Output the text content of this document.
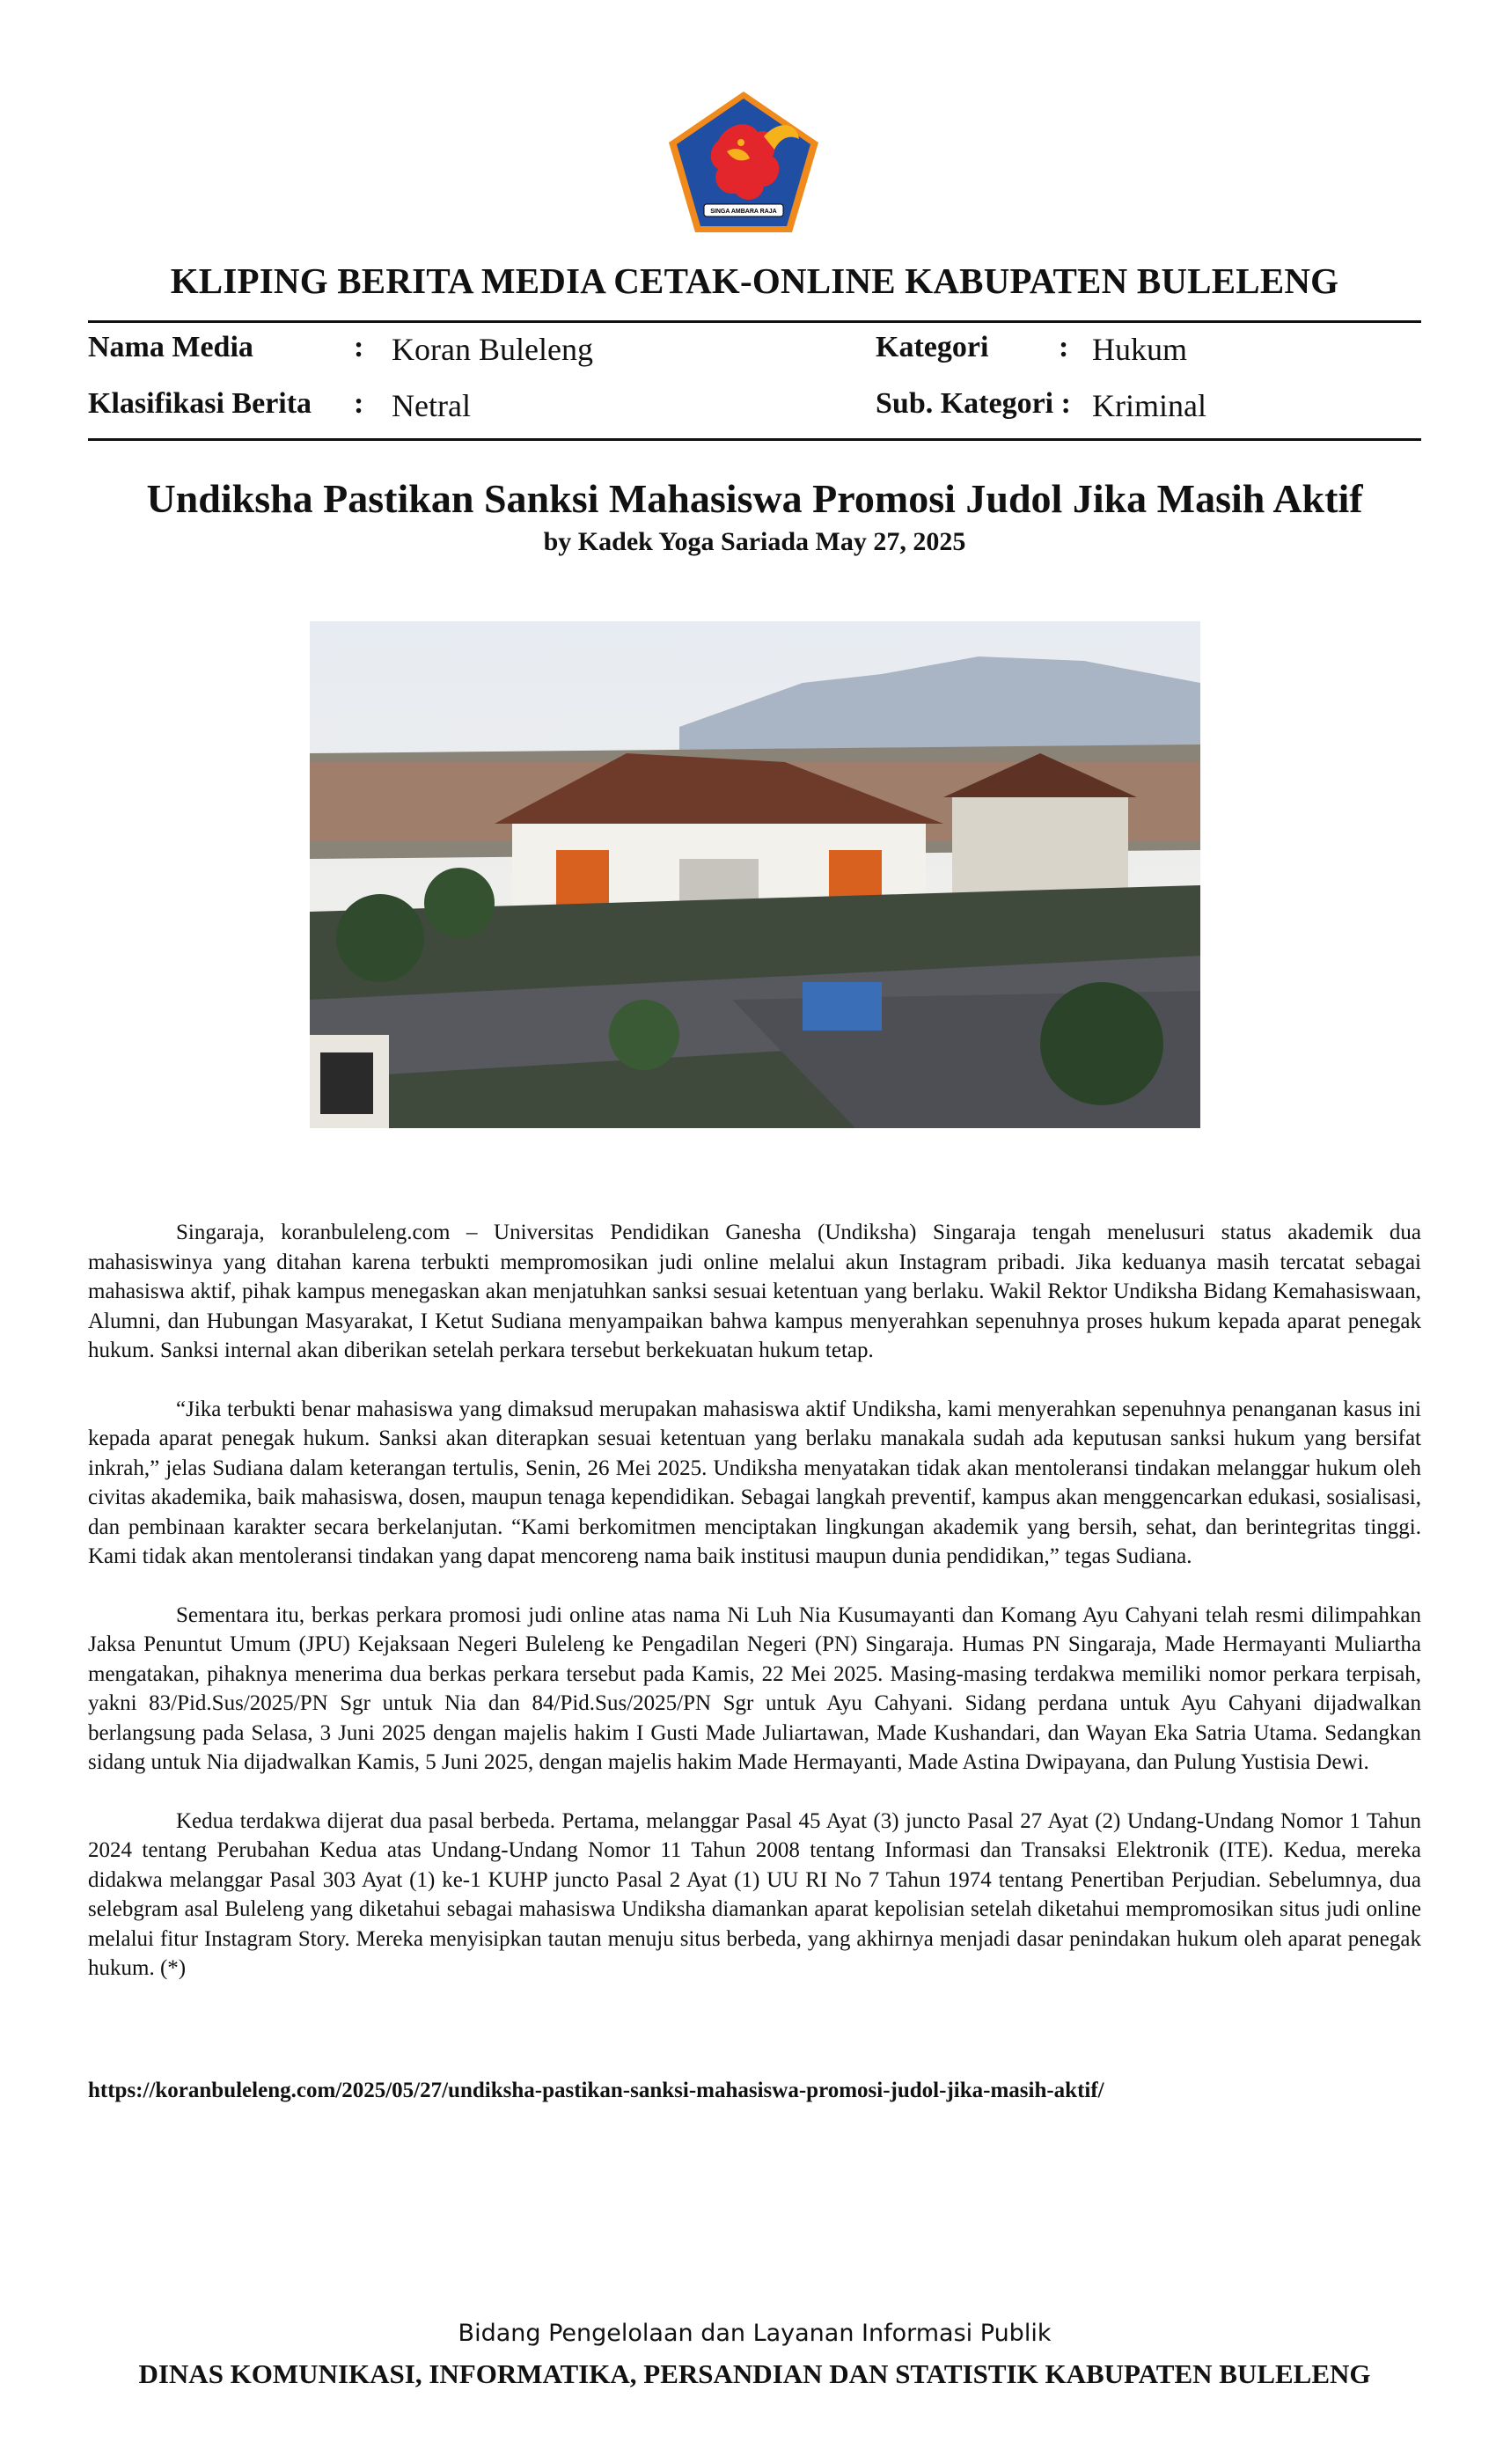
SINGA AMBARA RAJA
KLIPING BERITA MEDIA CETAK-ONLINE KABUPATEN BULELENG
Nama Media	: Koran Buleleng
Klasifikasi Berita : Netral
Kategori : Hukum
Sub. Kategori : Kriminal
Undiksha Pastikan Sanksi Mahasiswa Promosi Judol Jika Masih Aktif
by Kadek Yoga Sariada May 27, 2025

Singaraja, koranbuleleng.com – Universitas Pendidikan Ganesha (Undiksha) Singaraja tengah menelusuri status akademik dua mahasiswinya yang ditahan karena terbukti mempromosikan judi online melalui akun Instagram pribadi. Jika keduanya masih tercatat sebagai mahasiswa aktif, pihak kampus menegaskan akan menjatuhkan sanksi sesuai ketentuan yang berlaku. Wakil Rektor Undiksha Bidang Kemahasiswaan, Alumni, dan Hubungan Masyarakat, I Ketut Sudiana menyampaikan bahwa kampus menyerahkan sepenuhnya proses hukum kepada aparat penegak hukum. Sanksi internal akan diberikan setelah perkara tersebut berkekuatan hukum tetap.

“Jika terbukti benar mahasiswa yang dimaksud merupakan mahasiswa aktif Undiksha, kami menyerahkan sepenuhnya penanganan kasus ini kepada aparat penegak hukum. Sanksi akan diterapkan sesuai ketentuan yang berlaku manakala sudah ada keputusan sanksi hukum yang bersifat inkrah,” jelas Sudiana dalam keterangan tertulis, Senin, 26 Mei 2025. Undiksha menyatakan tidak akan mentoleransi tindakan melanggar hukum oleh civitas akademika, baik mahasiswa, dosen, maupun tenaga kependidikan. Sebagai langkah preventif, kampus akan menggencarkan edukasi, sosialisasi, dan pembinaan karakter secara berkelanjutan. “Kami berkomitmen menciptakan lingkungan akademik yang bersih, sehat, dan berintegritas tinggi. Kami tidak akan mentoleransi tindakan yang dapat mencoreng nama baik institusi maupun dunia pendidikan,” tegas Sudiana.

Sementara itu, berkas perkara promosi judi online atas nama Ni Luh Nia Kusumayanti dan Komang Ayu Cahyani telah resmi dilimpahkan Jaksa Penuntut Umum (JPU) Kejaksaan Negeri Buleleng ke Pengadilan Negeri (PN) Singaraja. Humas PN Singaraja, Made Hermayanti Muliartha mengatakan, pihaknya menerima dua berkas perkara tersebut pada Kamis, 22 Mei 2025. Masing-masing terdakwa memiliki nomor perkara terpisah, yakni 83/Pid.Sus/2025/PN Sgr untuk Nia dan 84/Pid.Sus/2025/PN Sgr untuk Ayu Cahyani. Sidang perdana untuk Ayu Cahyani dijadwalkan berlangsung pada Selasa, 3 Juni 2025 dengan majelis hakim I Gusti Made Juliartawan, Made Kushandari, dan Wayan Eka Satria Utama. Sedangkan sidang untuk Nia dijadwalkan Kamis, 5 Juni 2025, dengan majelis hakim Made Hermayanti, Made Astina Dwipayana, dan Pulung Yustisia Dewi.

Kedua terdakwa dijerat dua pasal berbeda. Pertama, melanggar Pasal 45 Ayat (3) juncto Pasal 27 Ayat (2) Undang-Undang Nomor 1 Tahun 2024 tentang Perubahan Kedua atas Undang-Undang Nomor 11 Tahun 2008 tentang Informasi dan Transaksi Elektronik (ITE). Kedua, mereka didakwa melanggar Pasal 303 Ayat (1) ke-1 KUHP juncto Pasal 2 Ayat (1) UU RI No 7 Tahun 1974 tentang Penertiban Perjudian. Sebelumnya, dua selebgram asal Buleleng yang diketahui sebagai mahasiswa Undiksha diamankan aparat kepolisian setelah diketahui mempromosikan situs judi online melalui fitur Instagram Story. Mereka menyisipkan tautan menuju situs berbeda, yang akhirnya menjadi dasar penindakan hukum oleh aparat penegak hukum. (*)

https://koranbuleleng.com/2025/05/27/undiksha-pastikan-sanksi-mahasiswa-promosi-judol-jika-masih-aktif/
Bidang Pengelolaan dan Layanan Informasi Publik
DINAS KOMUNIKASI, INFORMATIKA, PERSANDIAN DAN STATISTIK KABUPATEN BULELENG
